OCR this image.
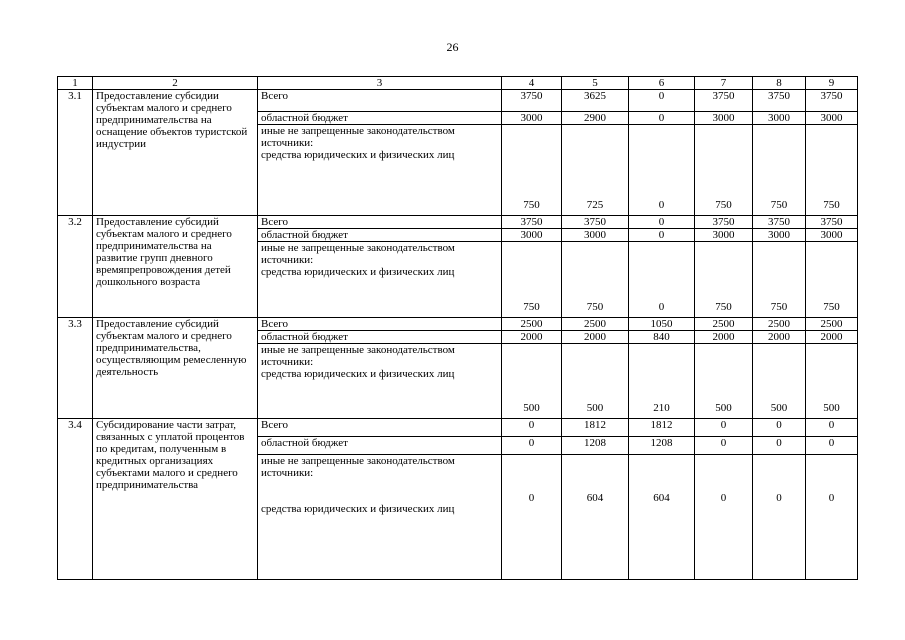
26
1	2	3	4	5	6	7	8	9
3.1	Предоставление субсидии субъектам малого и среднего предпринимательства на оснащение объектов туристской индустрии	Всего	3750	3625	0	3750	3750	3750
		областной бюджет	3000	2900	0	3000	3000	3000

		иные не запрещенные законодательством источники:
средства юридических и физических лиц	750	725	0	750	750	750
3.2	Предоставление субсидий субъектам малого и среднего предпринимательства на развитие групп дневного времяпрепровождения детей дошкольного возраста	Всего	3750	3750	0	3750	3750	3750
		областной бюджет	3000	3000	0	3000	3000	3000

		иные не запрещенные законодательством источники:
средства юридических и физических лиц	750	750	0	750	750	750
3.3	Предоставление субсидий субъектам малого и среднего предпринимательства, осуществляющим ремесленную деятельность	Всего	2500	2500	1050	2500	2500	2500
		областной бюджет	2000	2000	840	2000	2000	2000

		иные не запрещенные законодательством источники:
средства юридических и физических лиц	500	500	210	500	500	500
3.4	Субсидирование части затрат, связанных с уплатой процентов по кредитам, полученным в кредитных организациях субъектами малого и среднего предпринимательства	Всего	0	1812	1812	0	0	0
		областной бюджет	0	1208	1208	0	0	0
		иные не запрещенные законодательством источники:

средства юридических и физических лиц	0	604	604	0	0	0
